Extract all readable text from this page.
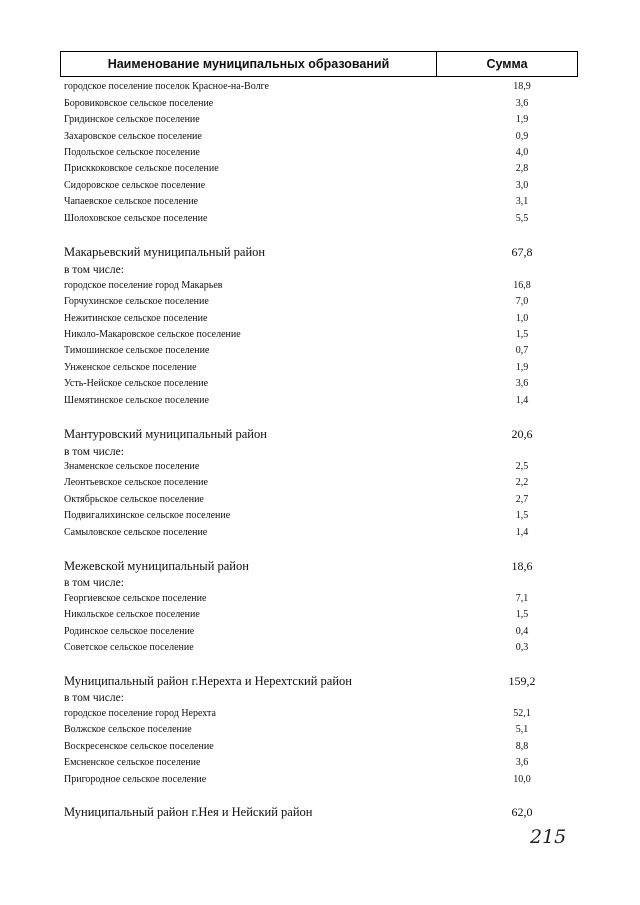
Наименование муниципальных образований	Сумма
городское поселение поселок Красное-на-Волге	18,9
Боровиковское сельское поселение	3,6
Гридинское сельское поселение	1,9
Захаровское сельское поселение	0,9
Подольское сельское поселение	4,0
Присккоковское сельское поселение	2,8
Сидоровское сельское поселение	3,0
Чапаевское сельское поселение	3,1
Шолоховское сельское поселение	5,5
Макарьевский муниципальный район	67,8
в том числе:
городское поселение город Макарьев	16,8
Горчухинское сельское поселение	7,0
Нежитинское сельское поселение	1,0
Николо-Макаровское сельское поселение	1,5
Тимошинское сельское поселение	0,7
Унженское сельское поселение	1,9
Усть-Нейское сельское поселение	3,6
Шемятинское сельское поселение	1,4
Мантуровский муниципальный район	20,6
в том числе:
Знаменское сельское поселение	2,5
Леонтьевское сельское поселение	2,2
Октябрьское сельское поселение	2,7
Подвигалихинское сельское поселение	1,5
Самыловское сельское поселение	1,4
Межевской муниципальный район	18,6
в том числе:
Георгиевское сельское поселение	7,1
Никольское сельское поселение	1,5
Родинское сельское поселение	0,4
Советское сельское поселение	0,3
Муниципальный район г.Нерехта и Нерехтский район	159,2
в том числе:
городское поселение город Нерехта	52,1
Волжское сельское поселение	5,1
Воскресенское сельское поселение	8,8
Емсненское сельское поселение	3,6
Пригородное сельское поселение	10,0
Муниципальный район г.Нея и Нейский район	62,0
215
